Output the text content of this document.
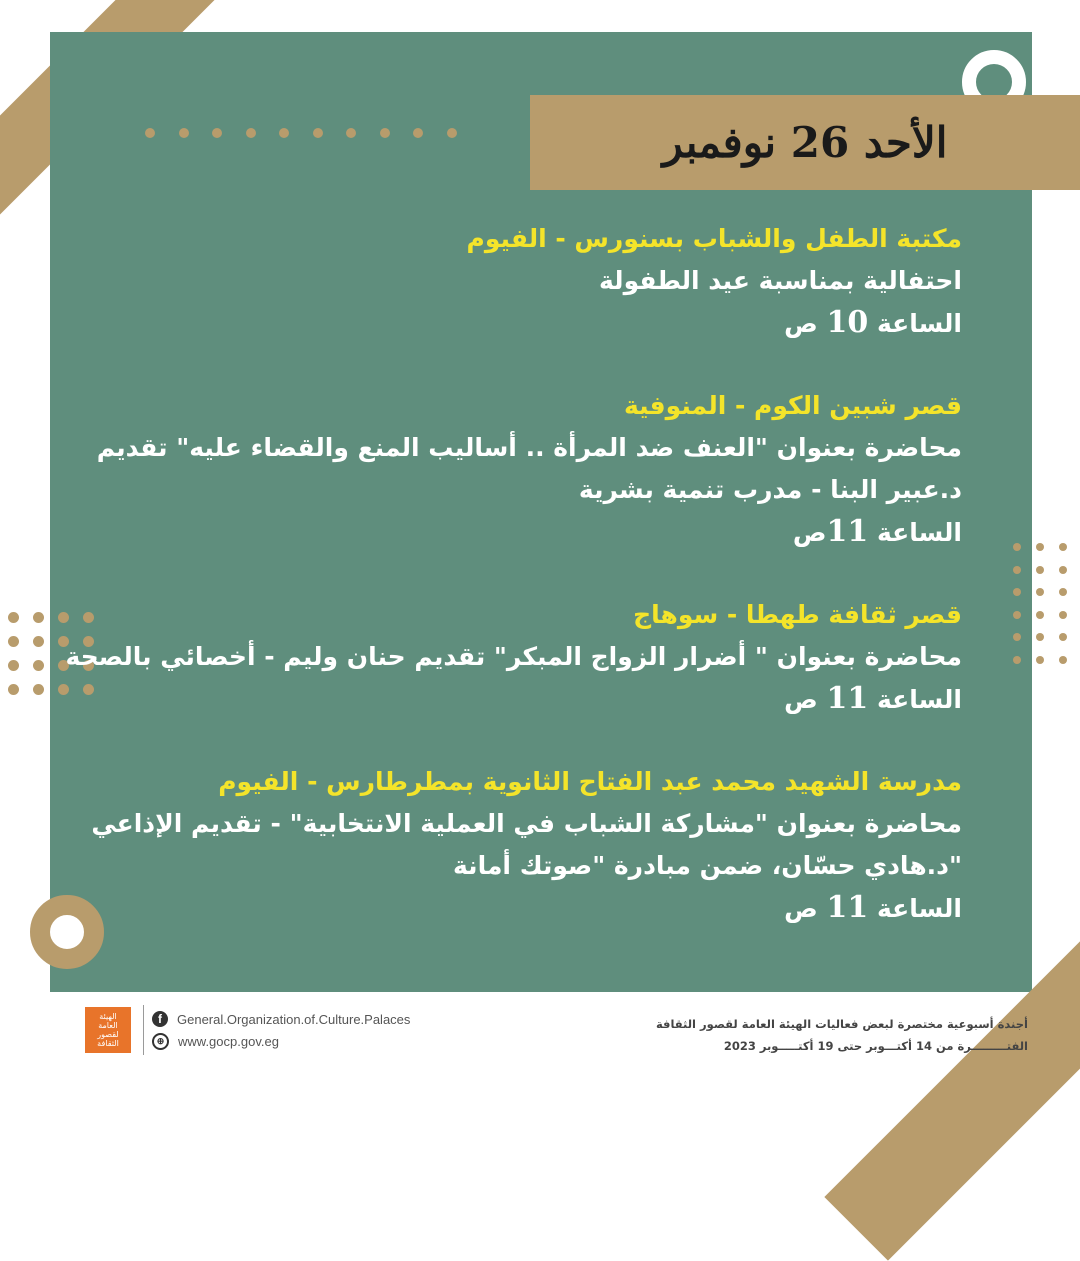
الأحد 26 نوفمبر
مكتبة الطفل والشباب بسنورس - الفيوم
احتفالية بمناسبة عيد الطفولة
الساعة 10 ص
قصر شبين الكوم - المنوفية
محاضرة بعنوان "العنف ضد المرأة .. أساليب المنع والقضاء عليه" تقديم
د.عبير البنا - مدرب تنمية بشرية
الساعة 11ص
قصر ثقافة طهطا - سوهاج
محاضرة بعنوان " أضرار الزواج المبكر" تقديم حنان وليم - أخصائي بالصحة
الساعة 11 ص
مدرسة الشهيد محمد عبد الفتاح الثانوية بمطرطارس - الفيوم
محاضرة بعنوان "مشاركة الشباب في العملية الانتخابية" - تقديم الإذاعي
"د.هادي حسّان، ضمن مبادرة "صوتك أمانة
الساعة 11 ص
الهيئة
العامة
لقصور
الثقافة
f	General.Organization.of.Culture.Palaces
⊕	www.gocp.gov.eg
أجندة أسبوعية مختصرة لبعض فعاليات الهيئة العامة لقصور الثقافة
الفتـــــــــرة من 14 أكتـــوبر حتى 19 أكتـــــوبر 2023
